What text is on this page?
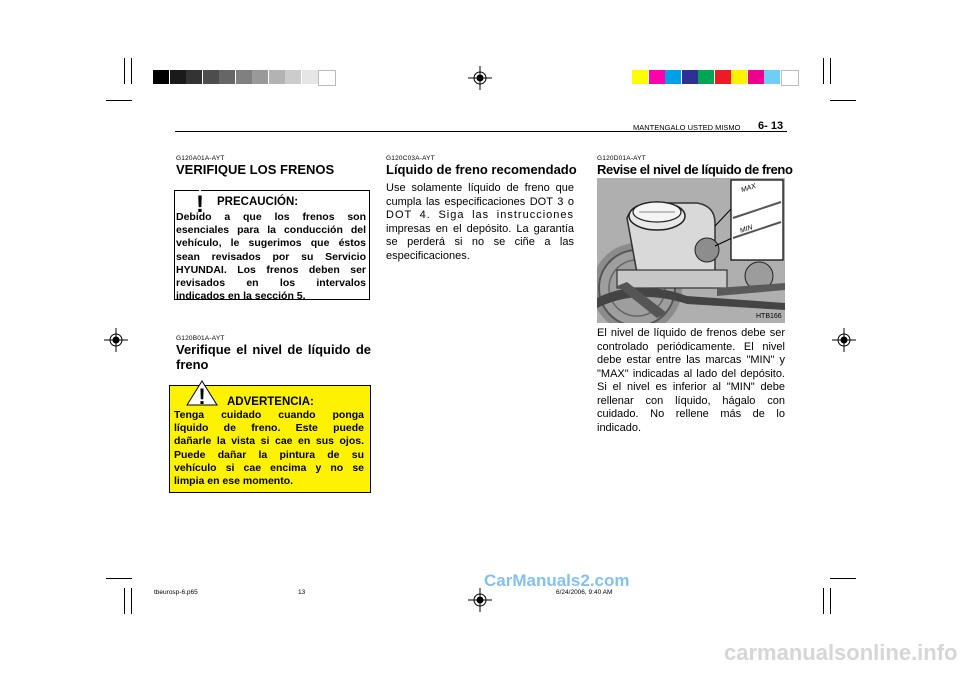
MANTENGALO USTED MISMO 6- 13
G120A01A-AYT
VERIFIQUE LOS FRENOS
! PRECAUCIÓN:
Debido a que los frenos son
esenciales para la conducción del
vehículo, le sugerimos que éstos
sean revisados por su Servicio
HYUNDAI. Los frenos deben ser
revisados en los intervalos
indicados en la sección 5.
G120B01A-AYT
Verifique el nivel de líquido de
freno
! ADVERTENCIA:
Tenga cuidado cuando ponga
líquido de freno. Este puede
dañarle la vista si cae en sus ojos.
Puede dañar la pintura de su
vehículo si cae encima y no se
limpia en ese momento.
G120C03A-AYT
Líquido de freno recomendado
Use solamente líquido de freno que
cumpla las especificaciones DOT 3 o
DOT 4. Siga las instrucciones
impresas en el depósito. La garantía
se perderá si no se ciñe a las
especificaciones.
G120D01A-AYT
Revise el nivel de líquido de freno
MAX
MIN
HTB166
El nivel de líquido de frenos debe ser
controlado periódicamente. El nivel
debe estar entre las marcas "MIN" y
"MAX" indicadas al lado del depósito.
Si el nivel es inferior al "MIN" debe
rellenar con líquido, hágalo con
cuidado. No rellene más de lo
indicado.
tbeurosp-6.p65	13	6/24/2006, 9:40 AM
CarManuals2.com
carmanualsonline.info
